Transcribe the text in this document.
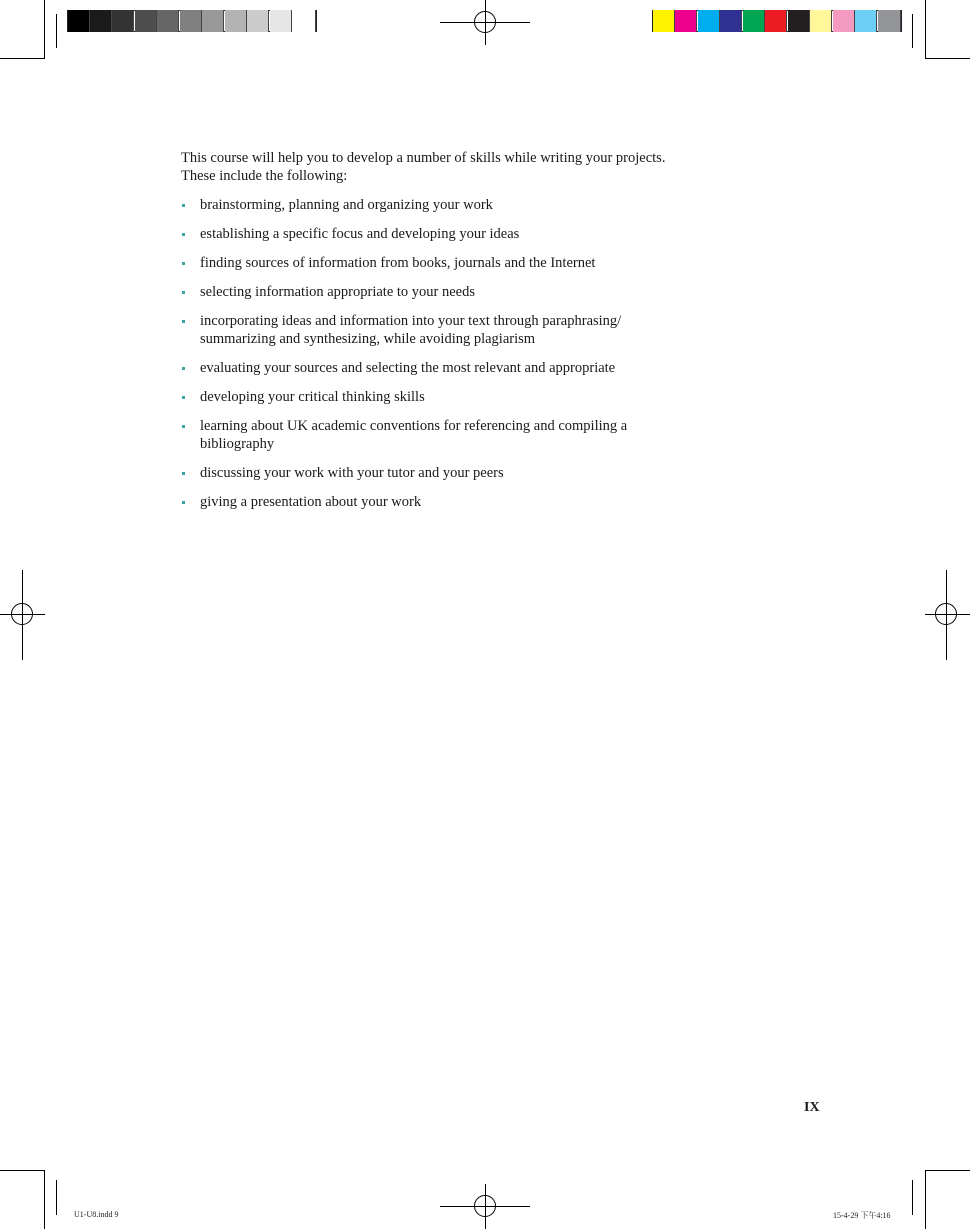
This course will help you to develop a number of skills while writing your projects.
These include the following:

brainstorming, planning and organizing your work
establishing a specific focus and developing your ideas
finding sources of information from books, journals and the Internet
selecting information appropriate to your needs
incorporating ideas and information into your text through paraphrasing/
summarizing and synthesizing, while avoiding plagiarism
evaluating your sources and selecting the most relevant and appropriate
developing your critical thinking skills
learning about UK academic conventions for referencing and compiling a
bibliography
discussing your work with your tutor and your peers
giving a presentation about your work
IX
U1-U8.indd 9	15-4-29 下午4:16
